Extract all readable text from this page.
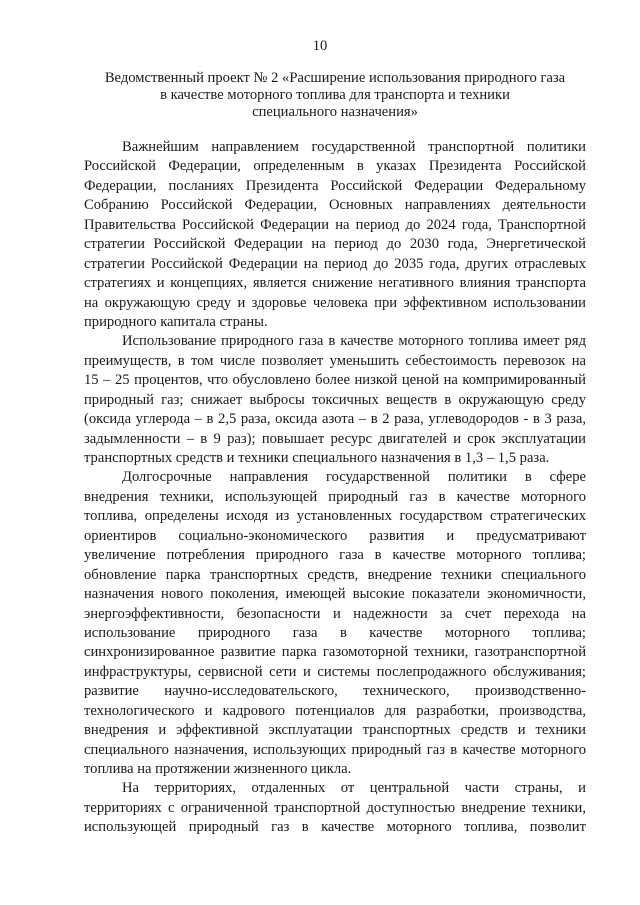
10
Ведомственный проект № 2 «Расширение использования природного газа
в качестве моторного топлива для транспорта и техники
специального назначения»
Важнейшим направлением государственной транспортной политики
Российской Федерации, определенным в указах Президента Российской
Федерации, посланиях Президента Российской Федерации Федеральному
Собранию Российской Федерации, Основных направлениях деятельности
Правительства Российской Федерации на период до 2024 года, Транспортной
стратегии Российской Федерации на период до 2030 года, Энергетической
стратегии Российской Федерации на период до 2035 года, других отраслевых
стратегиях и концепциях, является снижение негативного влияния транспорта
на окружающую среду и здоровье человека при эффективном использовании
природного капитала страны.
Использование природного газа в качестве моторного топлива имеет ряд
преимуществ, в том числе позволяет уменьшить себестоимость перевозок на
15 – 25 процентов, что обусловлено более низкой ценой на компримированный
природный газ; снижает выбросы токсичных веществ в окружающую среду
(оксида углерода – в 2,5 раза, оксида азота – в 2 раза, углеводородов - в 3 раза,
задымленности – в 9 раз); повышает ресурс двигателей и срок эксплуатации
транспортных средств и техники специального назначения в 1,3 – 1,5 раза.
Долгосрочные направления государственной политики в сфере
внедрения техники, использующей природный газ в качестве моторного
топлива, определены исходя из установленных государством стратегических
ориентиров социально-экономического развития и предусматривают
увеличение потребления природного газа в качестве моторного топлива;
обновление парка транспортных средств, внедрение техники специального
назначения нового поколения, имеющей высокие показатели экономичности,
энергоэффективности, безопасности и надежности за счет перехода на
использование природного газа в качестве моторного топлива;
синхронизированное развитие парка газомоторной техники, газотранспортной
инфраструктуры, сервисной сети и системы послепродажного обслуживания;
развитие научно-исследовательского, технического, производственно-
технологического и кадрового потенциалов для разработки, производства,
внедрения и эффективной эксплуатации транспортных средств и техники
специального назначения, использующих природный газ в качестве моторного
топлива на протяжении жизненного цикла.
На территориях, отдаленных от центральной части страны, и
территориях с ограниченной транспортной доступностью внедрение техники,
использующей природный газ в качестве моторного топлива, позволит
